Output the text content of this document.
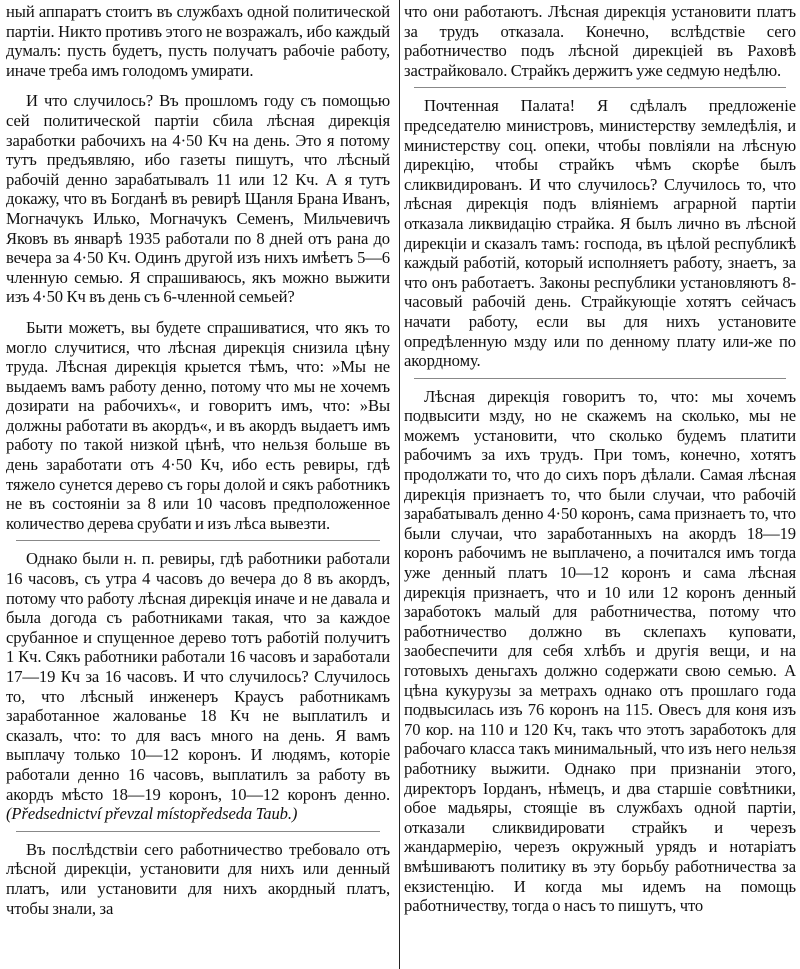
ный аппаратъ стоитъ въ службахъ одной политической партіи. Никто противъ этого не возражалъ, ибо каждый думалъ: пусть будетъ, пусть получатъ рабочіе работу, иначе треба имъ голодомъ умирати.

И что случилось? Въ прошломъ году съ помощью сей политической партіи сбила лѣсная дирекція заработки рабочихъ на 4·50 Кч на день. Это я потому тутъ предъявляю, ибо газеты пишутъ, что лѣсный рабочій денно зарабатывалъ 11 или 12 Кч. А я тутъ докажу, что въ Богданѣ въ ревирѣ Щанля Брана Иванъ, Могначукъ Илько, Могначукъ Семенъ, Мильчевичъ Яковъ въ январѣ 1935 работали по 8 дней отъ рана до вечера за 4·50 Кч. Одинъ другой изъ нихъ имѣетъ 5—6 членную семью. Я спрашиваюсь, якъ можно выжити изъ 4·50 Кч въ день съ 6-членной семьей?

Быти можетъ, вы будете спрашиватися, что якъ то могло случитися, что лѣсная дирекція снизила цѣну труда. Лѣсная дирекція крыется тѣмъ, что: »Мы не выдаемъ вамъ работу денно, потому что мы не хочемъ дозирати на рабочихъ«, и говоритъ имъ, что: »Вы должны работати въ акордъ«, и въ акордъ выдаетъ имъ работу по такой низкой цѣнѣ, что нельзя больше въ день заработати отъ 4·50 Кч, ибо есть ревиры, гдѣ тяжело сунется дерево съ горы долой и сякъ работникъ не въ состояніи за 8 или 10 часовъ предположенное количество дерева срубати и изъ лѣса вывезти.

Однако были н. п. ревиры, гдѣ работники работали 16 часовъ, съ утра 4 часовъ до вечера до 8 въ акордъ, потому что работу лѣсная дирекція иначе и не давала и была догода съ работниками такая, что за каждое срубанное и спущенное дерево тотъ работій получитъ 1 Кч. Сякъ работники работали 16 часовъ и заработали 17—19 Кч за 16 часовъ. И что случилось? Случилось то, что лѣсный инженеръ Краусъ работникамъ заработанное жалованье 18 Кч не выплатилъ и сказалъ, что: то для васъ много на день. Я вамъ выплачу только 10—12 коронъ. И людямъ, которіе работали денно 16 часовъ, выплатилъ за работу въ акордъ мѣсто 18—19 коронъ, 10—12 коронъ денно. (Předsednictví převzal místopředseda Taub.)

Въ послѣдствіи сего работничество требовало отъ лѣсной дирекціи, установити для нихъ или денный платъ, или установити для нихъ акордный платъ, чтобы знали, за

что они работаютъ. Лѣсная дирекція установити платъ за трудъ отказала. Конечно, вслѣдствіе сего работничество подъ лѣсной дирекціей въ Раховѣ застрайковало. Страйкъ держитъ уже седмую недѣлю.

Почтенная Палата! Я сдѣлалъ предложеніе председателю министровъ, министерству земледѣлія, и министерству соц. опеки, чтобы повліяли на лѣсную дирекцію, чтобы страйкъ чѣмъ скорѣе былъ сликвидированъ. И что случилось? Случилось то, что лѣсная дирекція подъ вліяніемъ аграрной партіи отказала ликвидацію страйка. Я былъ лично въ лѣсной дирекціи и сказалъ тамъ: господа, въ цѣлой республикѣ каждый работій, который исполняетъ работу, знаетъ, за что онъ работаетъ. Законы республики установляютъ 8-часовый рабочій день. Страйкующіе хотятъ сейчасъ начати работу, если вы для нихъ установите опредѣленную мзду или по денному плату или-же по акордному.

Лѣсная дирекція говоритъ то, что: мы хочемъ подвысити мзду, но не скажемъ на сколько, мы не можемъ установити, что сколько будемъ платити рабочимъ за ихъ трудъ. При томъ, конечно, хотятъ продолжати то, что до сихъ поръ дѣлали. Самая лѣсная дирекція признаетъ то, что были случаи, что рабочій зарабатывалъ денно 4·50 коронъ, сама признаетъ то, что были случаи, что заработанныхъ на акордъ 18—19 коронъ рабочимъ не выплачено, а почитался имъ тогда уже денный платъ 10—12 коронъ и сама лѣсная дирекція признаетъ, что и 10 или 12 коронъ денный заработокъ малый для работничества, потому что работничество должно въ склепахъ куповати, заобеспечити для себя хлѣбъ и другія вещи, и на готовыхъ деньгахъ должно содержати свою семью. А цѣна кукурузы за метрахъ однако отъ прошлаго года подвысилась изъ 76 коронъ на 115. Овесъ для коня изъ 70 кор. на 110 и 120 Кч, такъ что этотъ заработокъ для рабочаго класса такъ минимальный, что изъ него нельзя работнику выжити. Однако при признаніи этого, директоръ Іорданъ, нѣмецъ, и два старшіе совѣтники, обое мадьяры, стоящіе въ службахъ одной партіи, отказали сликвидировати страйкъ и черезъ жандармерію, черезъ окружный урядъ и нотаріатъ вмѣшиваютъ политику въ эту борьбу работничества за екзистенцію. И когда мы идемъ на помощь работничеству, тогда о насъ то пишутъ, что
